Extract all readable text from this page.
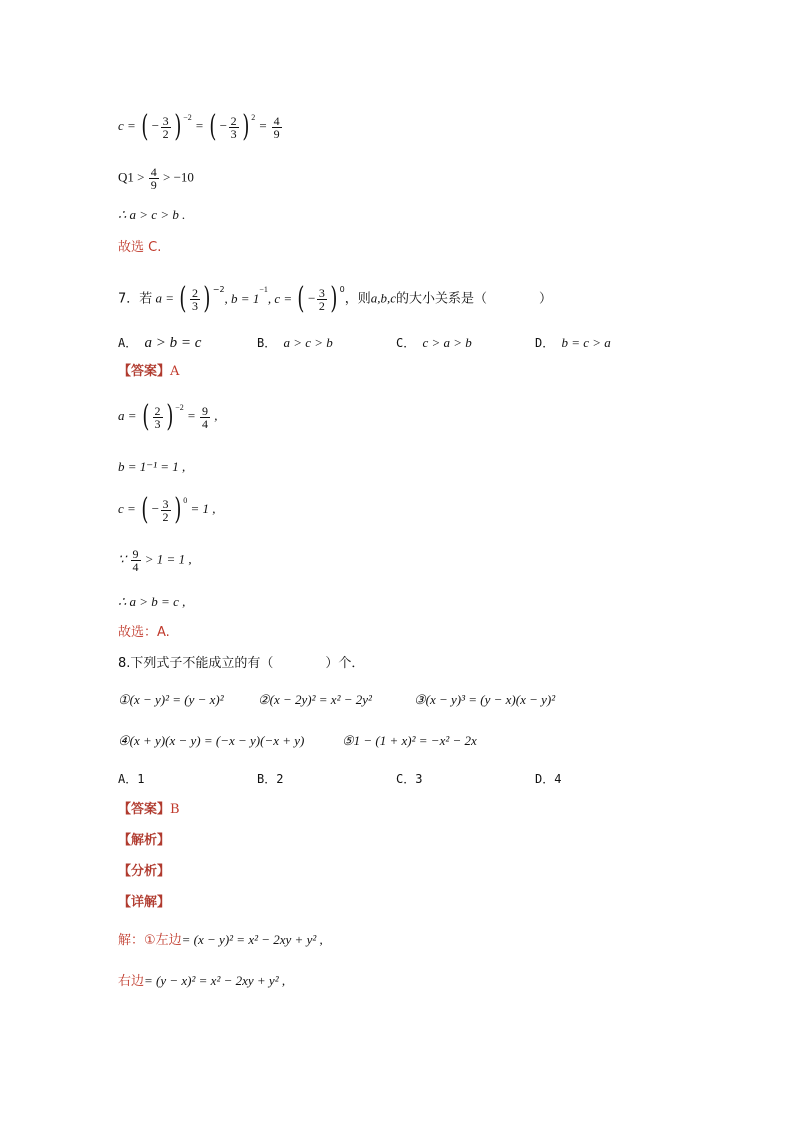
c = ( − $\frac{3}{2}$ ) $^{-2}$ = ( − $\frac{2}{3}$ ) $^2 = \frac{4}{9}$
$Q1 > \frac{4}{9} > -10$
∴ a > c > b .
故选 C.
7．若 a = ( $\frac{2}{3}$ ) $^{-2}$, $b = 1^{-1}$, c = ( − $\frac{3}{2}$ ) $^0$，则a,b,c的大小关系是（　　　　）
A． a > b = c	B． a > c > b	C． c > a > b	D． b = c > a
【答案】A
a = ( $\frac{2}{3}$ ) $^{-2} = \frac{9}{4}$ ,
b = 1⁻¹ = 1 ,
c = ( − $\frac{3}{2}$ ) $^0$ = 1 ,
∵ $\frac{9}{4} > 1 = 1$ ,
∴ a > b = c ,
故选：A.
8.下列式子不能成立的有（　　　　）个．
①(x − y)² = (y − x)²	②(x − 2y)² = x² − 2y²	③(x − y)³ = (y − x)(x − y)²
④(x + y)(x − y) = (−x − y)(−x + y)	⑤1 − (1 + x)² = −x² − 2x
A．1	B．2	C．3	D．4
【答案】B
【解析】
【分析】
【详解】
解：①左边= (x − y)² = x² − 2xy + y² ,
右边= (y − x)² = x² − 2xy + y² ,
